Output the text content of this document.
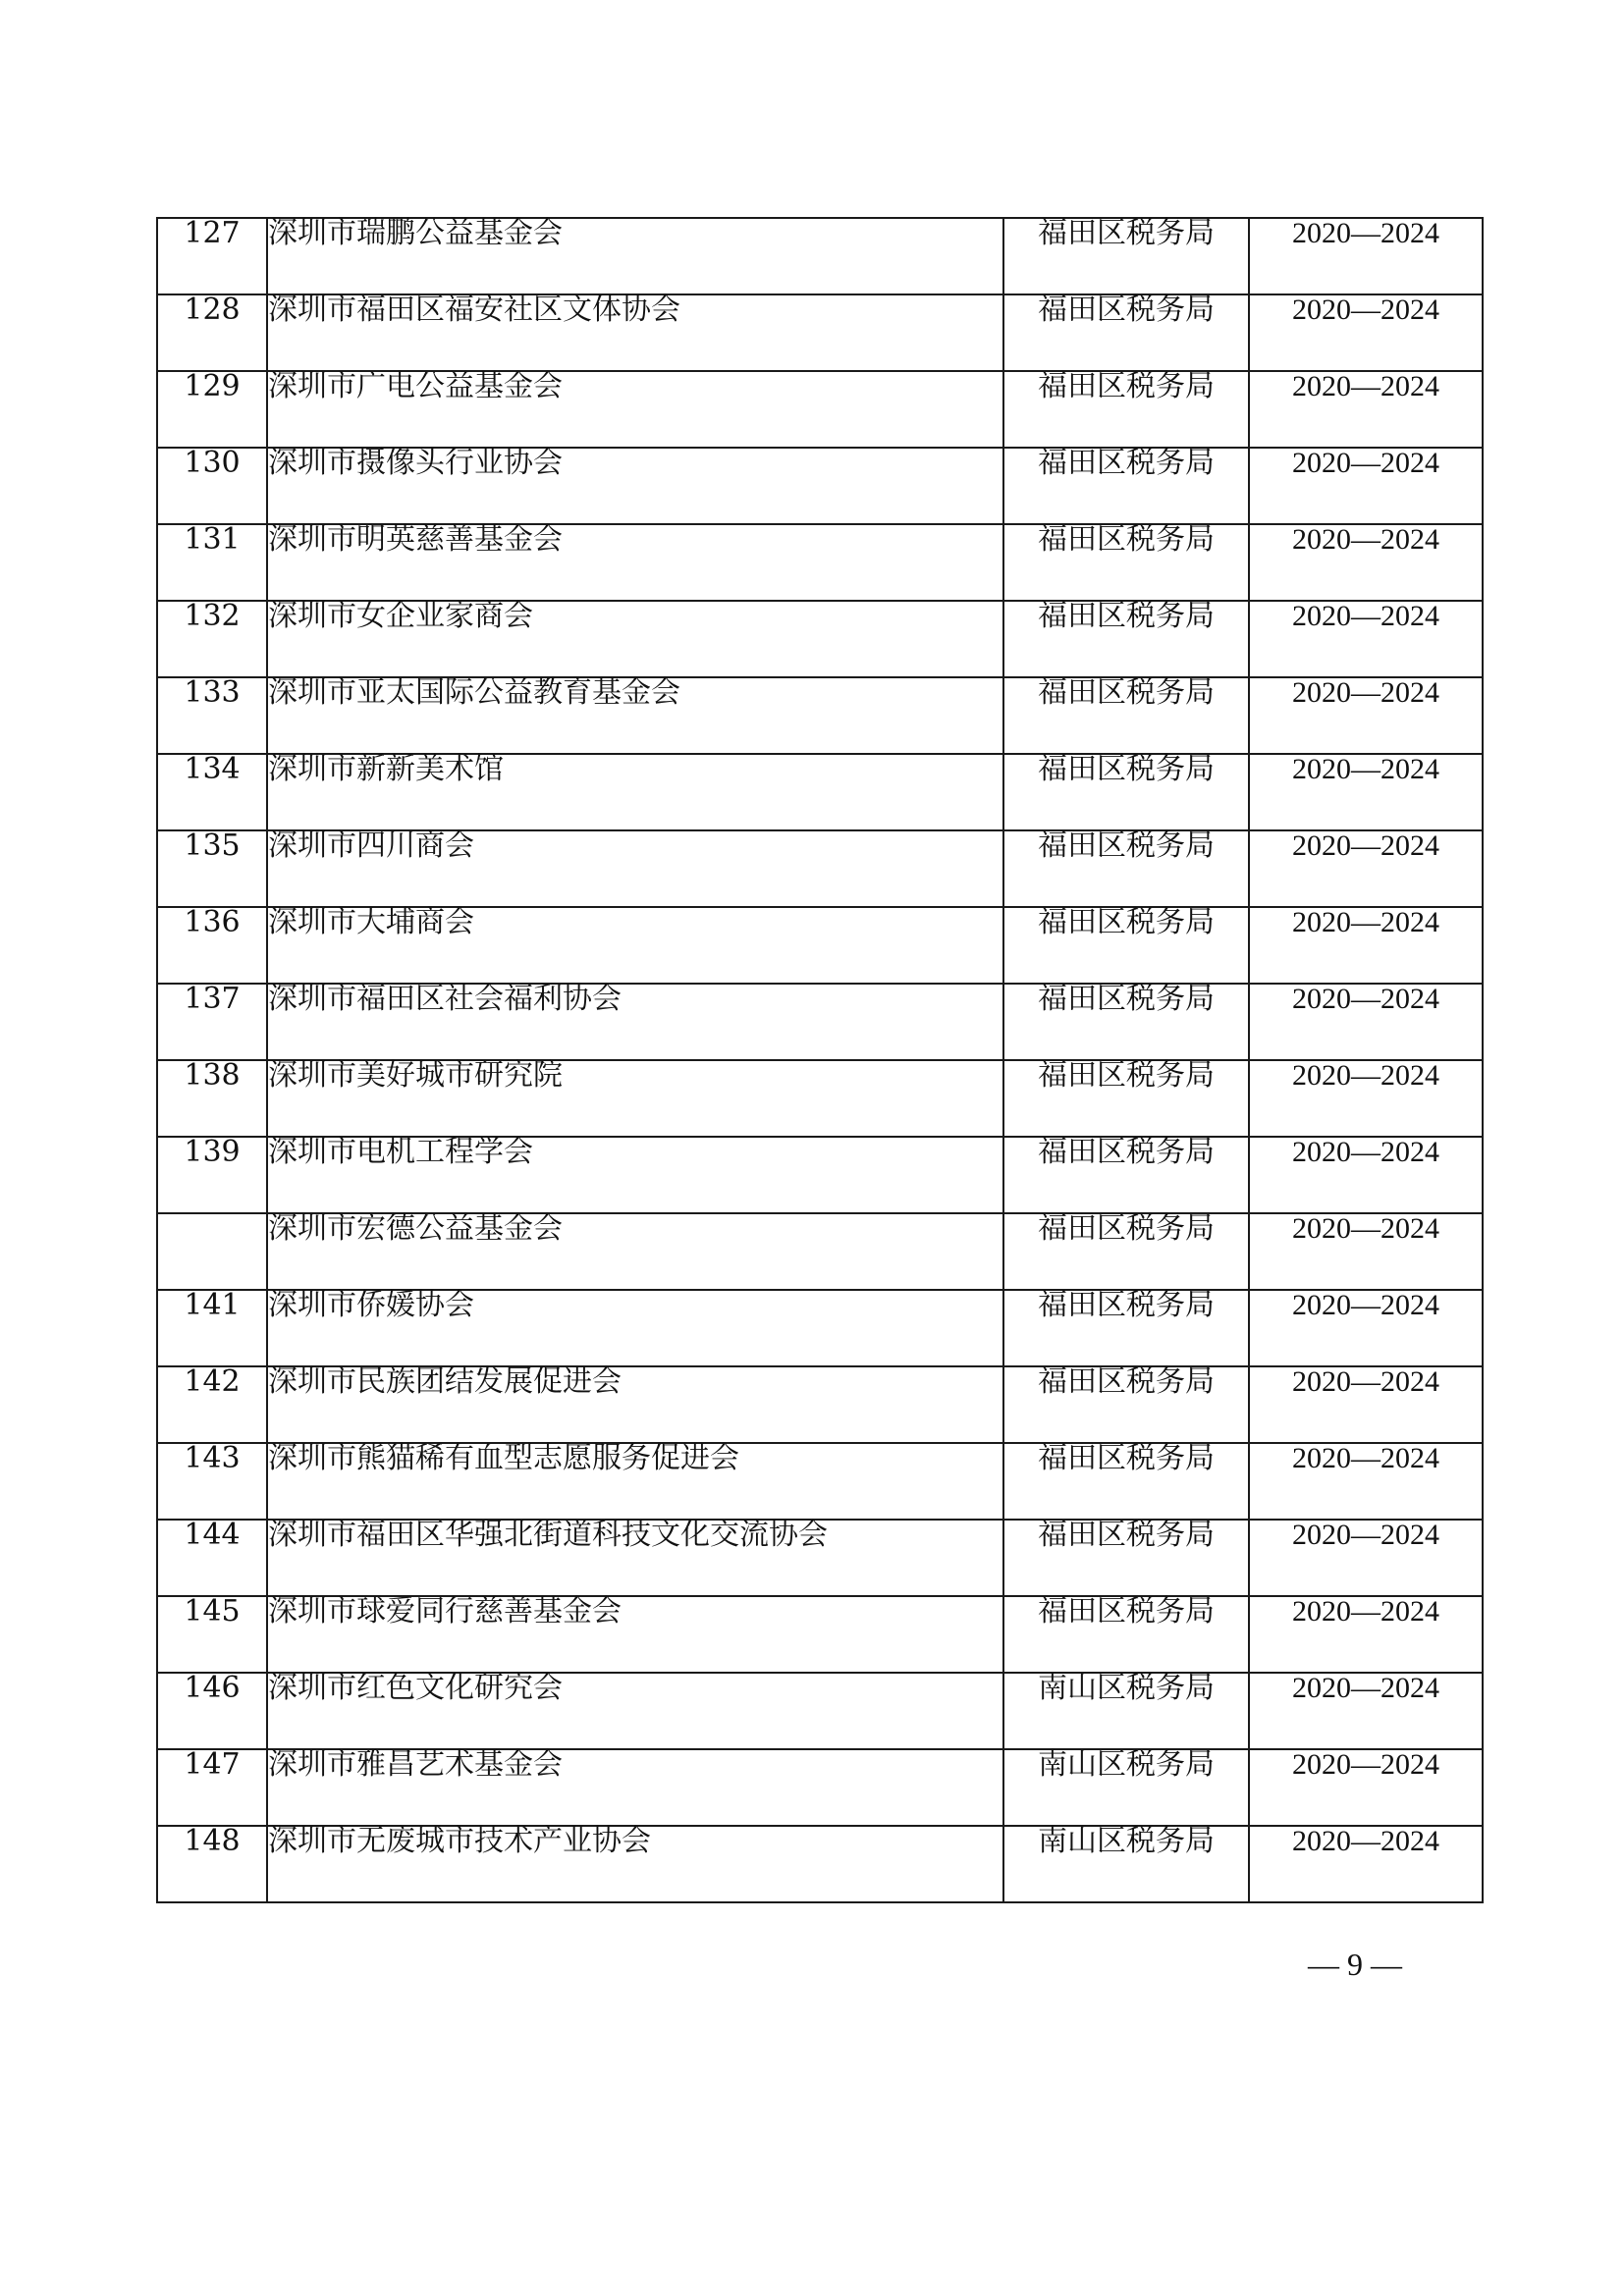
127	深圳市瑞鹏公益基金会	福田区税务局	2020—2024
128	深圳市福田区福安社区文体协会	福田区税务局	2020—2024
129	深圳市广电公益基金会	福田区税务局	2020—2024
130	深圳市摄像头行业协会	福田区税务局	2020—2024
131	深圳市明英慈善基金会	福田区税务局	2020—2024
132	深圳市女企业家商会	福田区税务局	2020—2024
133	深圳市亚太国际公益教育基金会	福田区税务局	2020—2024
134	深圳市新新美术馆	福田区税务局	2020—2024
135	深圳市四川商会	福田区税务局	2020—2024
136	深圳市大埔商会	福田区税务局	2020—2024
137	深圳市福田区社会福利协会	福田区税务局	2020—2024
138	深圳市美好城市研究院	福田区税务局	2020—2024
139	深圳市电机工程学会	福田区税务局	2020—2024
	深圳市宏德公益基金会	福田区税务局	2020—2024
141	深圳市侨媛协会	福田区税务局	2020—2024
142	深圳市民族团结发展促进会	福田区税务局	2020—2024
143	深圳市熊猫稀有血型志愿服务促进会	福田区税务局	2020—2024
144	深圳市福田区华强北街道科技文化交流协会	福田区税务局	2020—2024
145	深圳市球爱同行慈善基金会	福田区税务局	2020—2024
146	深圳市红色文化研究会	南山区税务局	2020—2024
147	深圳市雅昌艺术基金会	南山区税务局	2020—2024
148	深圳市无废城市技术产业协会	南山区税务局	2020—2024
— 9 —
